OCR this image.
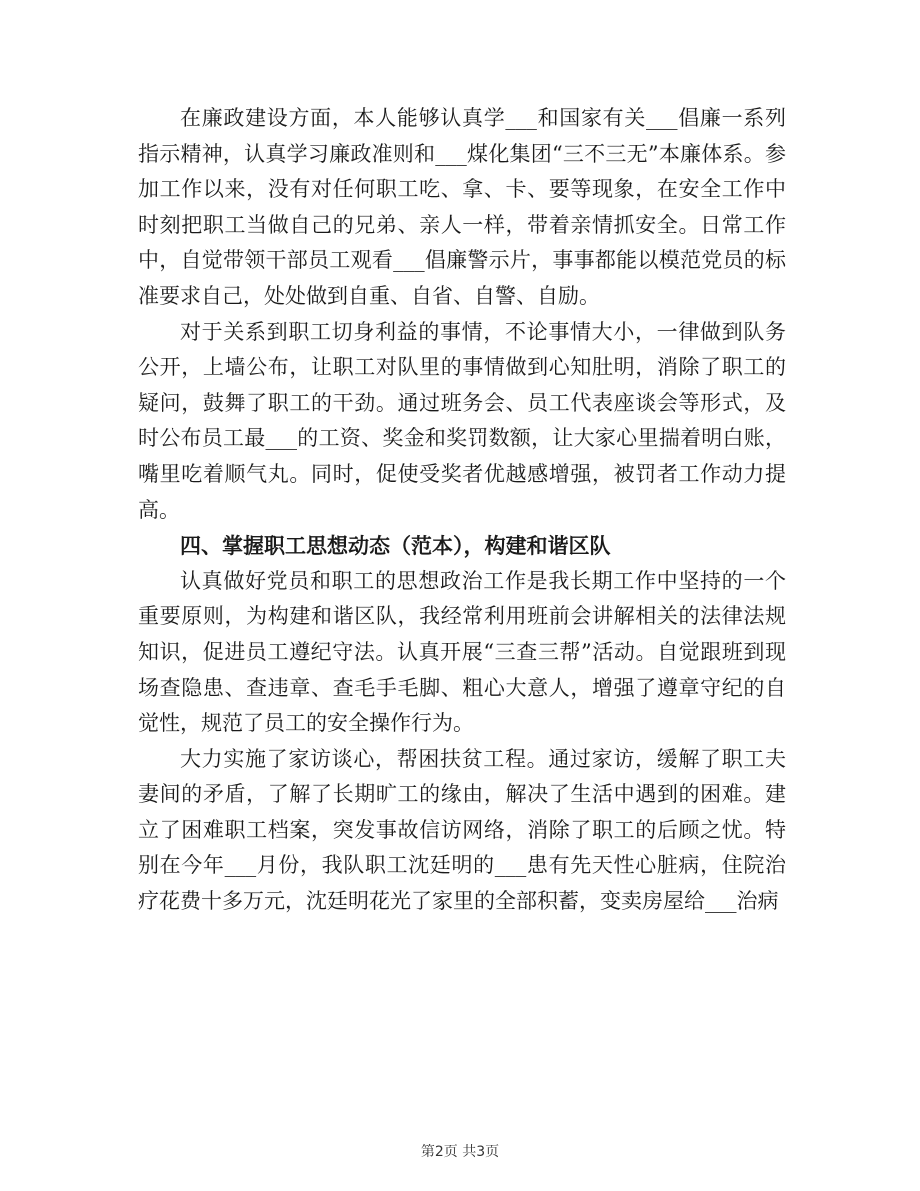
在廉政建设方面，本人能够认真学___和国家有关___倡廉一系列指示精神，认真学习廉政准则和___煤化集团“三不三无”本廉体系。参加工作以来，没有对任何职工吃、拿、卡、要等现象，在安全工作中时刻把职工当做自己的兄弟、亲人一样，带着亲情抓安全。日常工作中，自觉带领干部员工观看___倡廉警示片，事事都能以模范党员的标准要求自己，处处做到自重、自省、自警、自励。

对于关系到职工切身利益的事情，不论事情大小，一律做到队务公开，上墙公布，让职工对队里的事情做到心知肚明，消除了职工的疑问，鼓舞了职工的干劲。通过班务会、员工代表座谈会等形式，及时公布员工最___的工资、奖金和奖罚数额，让大家心里揣着明白账，嘴里吃着顺气丸。同时，促使受奖者优越感增强，被罚者工作动力提高。

四、掌握职工思想动态（范本），构建和谐区队

认真做好党员和职工的思想政治工作是我长期工作中坚持的一个重要原则，为构建和谐区队，我经常利用班前会讲解相关的法律法规知识，促进员工遵纪守法。认真开展“三查三帮”活动。自觉跟班到现场查隐患、查违章、查毛手毛脚、粗心大意人，增强了遵章守纪的自觉性，规范了员工的安全操作行为。

大力实施了家访谈心，帮困扶贫工程。通过家访，缓解了职工夫妻间的矛盾，了解了长期旷工的缘由，解决了生活中遇到的困难。建立了困难职工档案，突发事故信访网络，消除了职工的后顾之忧。特别在今年___月份，我队职工沈廷明的___患有先天性心脏病，住院治疗花费十多万元，沈廷明花光了家里的全部积蓄，变卖房屋给___治病

第2页 共3页
